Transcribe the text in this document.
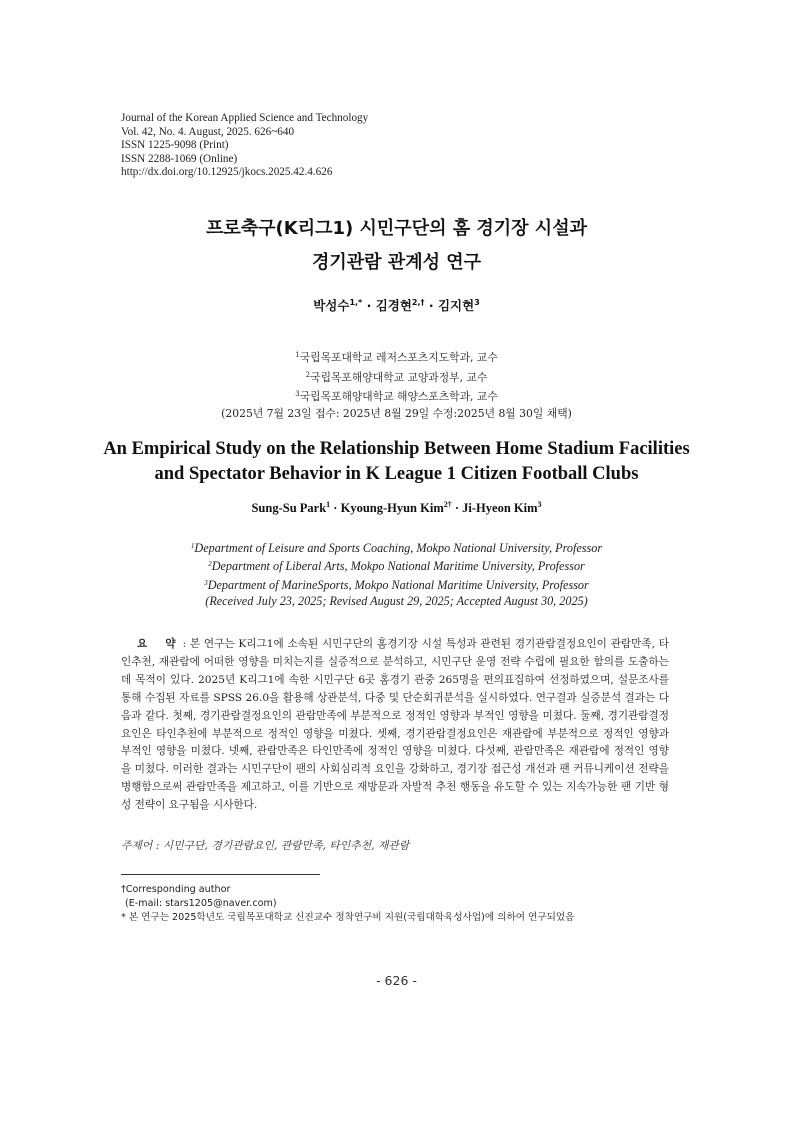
Journal of the Korean Applied Science and Technology
Vol. 42, No. 4. August, 2025. 626~640
ISSN 1225-9098 (Print)
ISSN 2288-1069 (Online)
http://dx.doi.org/10.12925/jkocs.2025.42.4.626
프로축구(K리그1) 시민구단의 홈 경기장 시설과
경기관람 관계성 연구
박성수$^{1,*}$ · 김경현$^{2,\dagger}$ · 김지현$^3$
$^1$국립목포대학교 레저스포츠지도학과, 교수
$^2$국립목포해양대학교 교양과정부, 교수
$^3$국립목포해양대학교 해양스포츠학과, 교수
(2025년 7월 23일 접수: 2025년 8월 29일 수정:2025년 8월 30일 채택)
An Empirical Study on the Relationship Between Home Stadium Facilities
and Spectator Behavior in K League 1 Citizen Football Clubs
Sung-Su Park$^1$ · Kyoung-Hyun Kim$^{2\dagger}$ · Ji-Hyeon Kim$^3$
$^1$Department of Leisure and Sports Coaching, Mokpo National University, Professor
$^2$Department of Liberal Arts, Mokpo National Maritime University, Professor
$^3$Department of MarineSports, Mokpo National Maritime University, Professor
(Received July 23, 2025; Revised August 29, 2025; Accepted August 30, 2025)
요 약: 본 연구는 K리그1에 소속된 시민구단의 홈경기장 시설 특성과 관련된 경기관람결정요인이 관람만족, 타인추천, 재관람에 어떠한 영향을 미치는지를 실증적으로 분석하고, 시민구단 운영 전략 수립에 필요한 함의를 도출하는 데 목적이 있다. 2025년 K리그1에 속한 시민구단 6곳 홈경기 관중 265명을 편의표집하여 선정하였으며, 설문조사를 통해 수집된 자료를 SPSS 26.0을 활용해 상관분석, 다중 및 단순회귀분석을 실시하였다. 연구결과 실증분석 결과는 다음과 같다. 첫째, 경기관람결정요인의 관람만족에 부분적으로 정적인 영향과 부적인 영향을 미쳤다. 둘째, 경기관람결정요인은 타인추천에 부분적으로 정적인 영향을 미쳤다. 셋째, 경기관람결정요인은 재관람에 부분적으로 정적인 영향과 부적인 영향을 미쳤다. 넷째, 관람만족은 타인만족에 정적인 영향을 미쳤다. 다섯째, 관람만족은 재관람에 정적인 영향을 미쳤다. 이러한 결과는 시민구단이 팬의 사회심리적 요인을 강화하고, 경기장 접근성 개선과 팬 커뮤니케이션 전략을 병행함으로써 관람만족을 제고하고, 이를 기반으로 재방문과 자발적 추천 행동을 유도할 수 있는 지속가능한 팬 기반 형성 전략이 요구됨을 시사한다.
주제어 : 시민구단, 경기관람요인, 관람만족, 타인추천, 재관람
†Corresponding author
(E-mail: stars1205@naver.com)
* 본 연구는 2025학년도 국립목포대학교 신진교수 정착연구비 지원(국립대학육성사업)에 의하여 연구되었음
- 626 -
